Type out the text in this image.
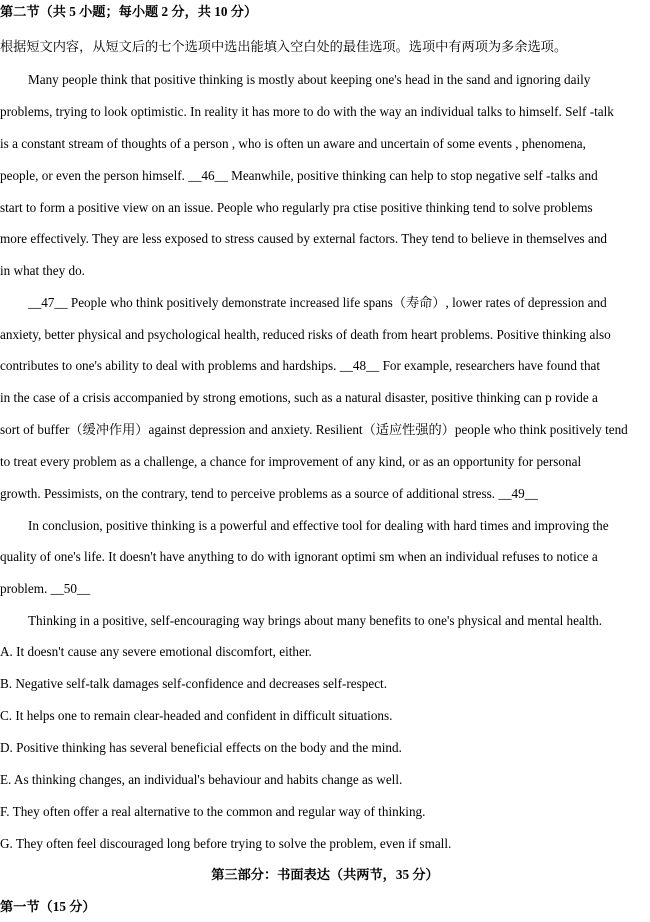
第二节（共 5 小题；每小题 2 分，共 10 分）
根据短文内容，从短文后的七个选项中选出能填入空白处的最佳选项。选项中有两项为多余选项。
Many people think that positive thinking is mostly about keeping one's head in the sand and ignoring daily
problems, trying to look optimistic. In reality it has more to do with the way an individual talks to himself. Self -talk
is a constant stream of thoughts of a person , who is often un aware and uncertain of some events , phenomena,
people, or even the person himself. __46__ Meanwhile, positive thinking can help to stop negative self -talks and
start to form a positive view on an issue. People who regularly pra ctise positive thinking tend to solve problems
more effectively. They are less exposed to stress caused by external factors. They tend to believe in themselves and
in what they do.
__47__ People who think positively demonstrate increased life spans（寿命）, lower rates of depression and
anxiety, better physical and psychological health, reduced risks of death from heart problems. Positive thinking also
contributes to one's ability to deal with problems and hardships. __48__ For example, researchers have found that
in the case of a crisis accompanied by strong emotions, such as a natural disaster, positive thinking can p rovide a
sort of buffer（缓冲作用）against depression and anxiety. Resilient（适应性强的）people who think positively tend
to treat every problem as a challenge, a chance for improvement of any kind, or as an opportunity for personal
growth. Pessimists, on the contrary, tend to perceive problems as a source of additional stress. __49__
In conclusion, positive thinking is a powerful and effective tool for dealing with hard times and improving the
quality of one's life. It doesn't have anything to do with ignorant optimi sm when an individual refuses to notice a
problem. __50__
Thinking in a positive, self-encouraging way brings about many benefits to one's physical and mental health.
A. It doesn't cause any severe emotional discomfort, either.
B. Negative self-talk damages self-confidence and decreases self-respect.
C. It helps one to remain clear-headed and confident in difficult situations.
D. Positive thinking has several beneficial effects on the body and the mind.
E. As thinking changes, an individual's behaviour and habits change as well.
F. They often offer a real alternative to the common and regular way of thinking.
G. They often feel discouraged long before trying to solve the problem, even if small.
第三部分：书面表达（共两节，35 分）
第一节（15 分）
